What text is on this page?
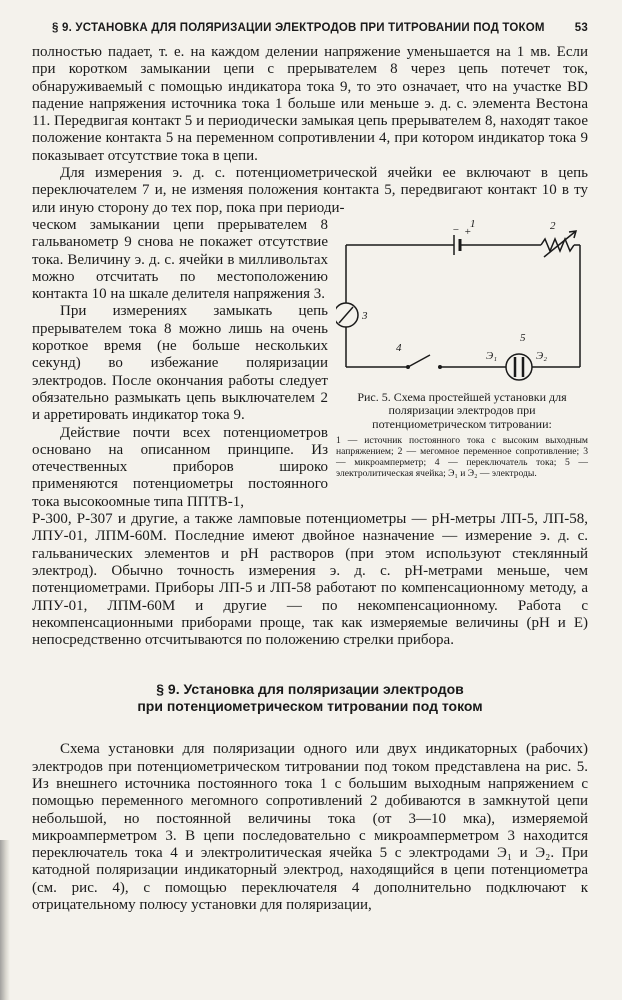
§ 9. УСТАНОВКА ДЛЯ ПОЛЯРИЗАЦИИ ЭЛЕКТРОДОВ ПРИ ТИТРОВАНИИ ПОД ТОКОМ	53

полностью падает, т. е. на каждом делении напряжение уменьшается на 1 мв. Если при коротком замыкании цепи с прерывателем 8 через цепь потечет ток, обнаруживаемый с помощью индикатора тока 9, то это означает, что на участке BD падение напряжения источника тока 1 больше или меньше э. д. с. элемента Вестона 11. Передвигая контакт 5 и периодически замыкая цепь прерывателем 8, находят такое положение контакта 5 на переменном сопротивлении 4, при котором индикатор тока 9 показывает отсутствие тока в цепи.

Для измерения э. д. с. потенциометрической ячейки ее включают в цепь переключателем 7 и, не изменяя положения контакта 5, передвигают контакт 10 в ту или иную сторону до тех пор, пока при периоди-

ческом замыкании цепи прерывателем 8 гальванометр 9 снова не покажет отсутствие тока. Величину э. д. с. ячейки в милливольтах можно отсчитать по местоположению контакта 10 на шкале делителя напряжения 3.

При измерениях замыкать цепь прерывателем тока 8 можно лишь на очень короткое время (не больше нескольких секунд) во избежание поляризации электродов. После окончания работы следует обязательно размыкать цепь выключателем 2 и арретировать индикатор тока 9.

Действие почти всех потенциометров основано на описанном принципе. Из отечественных приборов широко применяются потенциометры постоянного тока высокоомные типа ППТВ-1,

− +
1	2
3
4
5
Э₁	Э₂
Рис. 5. Схема простейшей установки для поляризации электродов при потенциометрическом титровании:
1 — источник постоянного тока с высоким выходным напряжением; 2 — мегомное переменное сопротивление; 3 — микроамперметр; 4 — переключатель тока; 5 — электролитическая ячейка; Э₁ и Э₂ — электроды.

Р-300, Р-307 и другие, а также ламповые потенциометры — pH-метры ЛП-5, ЛП-58, ЛПУ-01, ЛПМ-60М. Последние имеют двойное назначение — измерение э. д. с. гальванических элементов и pH растворов (при этом используют стеклянный электрод). Обычно точность измерения э. д. с. pH-метрами меньше, чем потенциометрами. Приборы ЛП-5 и ЛП-58 работают по компенсационному методу, а ЛПУ-01, ЛПМ-60М и другие — по некомпенсационному. Работа с некомпенсационными приборами проще, так как измеряемые величины (pH и E) непосредственно отсчитываются по положению стрелки прибора.

§ 9. Установка для поляризации электродов
при потенциометрическом титровании под током

Схема установки для поляризации одного или двух индикаторных (рабочих) электродов при потенциометрическом титровании под током представлена на рис. 5. Из внешнего источника постоянного тока 1 с большим выходным напряжением с помощью переменного мегомного сопротивлений 2 добиваются в замкнутой цепи небольшой, но постоянной величины тока (от 3—10 мка), измеряемой микроамперметром 3. В цепи последовательно с микроамперметром 3 находится переключатель тока 4 и электролитическая ячейка 5 с электродами Э₁ и Э₂. При катодной поляризации индикаторный электрод, находящийся в цепи потенциометра (см. рис. 4), с помощью переключателя 4 дополнительно подключают к отрицательному полюсу установки для поляризации,
